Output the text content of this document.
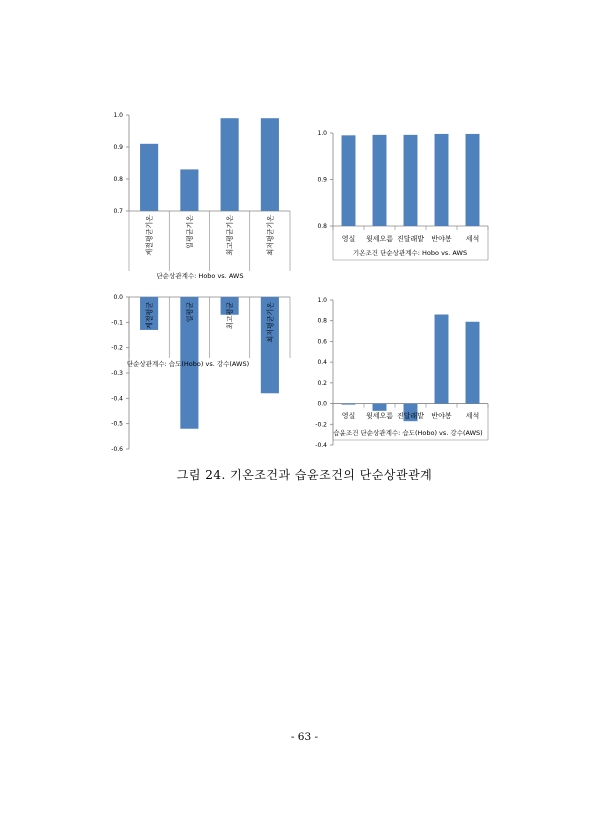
0.7
0.8
0.9
1.0
계절평균기온	일평균기온	최고평균기온	최저평균기온
단순상관계수: Hobo vs. AWS
0.8
0.9
1.0
영실 윗세오름 진달래밭 반야봉 세석
기온조건 단순상관계수: Hobo vs. AWS
-0.6
-0.5
-0.4
-0.3
-0.2
-0.1
0.0
계절평균	일평균	최고평균	최저평균기온
단순상관계수: 습도(Hobo) vs. 강수(AWS)
-0.4
-0.2
0.0
0.2
0.4
0.6
0.8
1.0
영실 윗세오름 진달래밭 반야봉 세석
습윤조건 단순상관계수: 습도(Hobo) vs. 강수(AWS)
그림 24. 기온조건과 습윤조건의 단순상관관계
- 63 -
